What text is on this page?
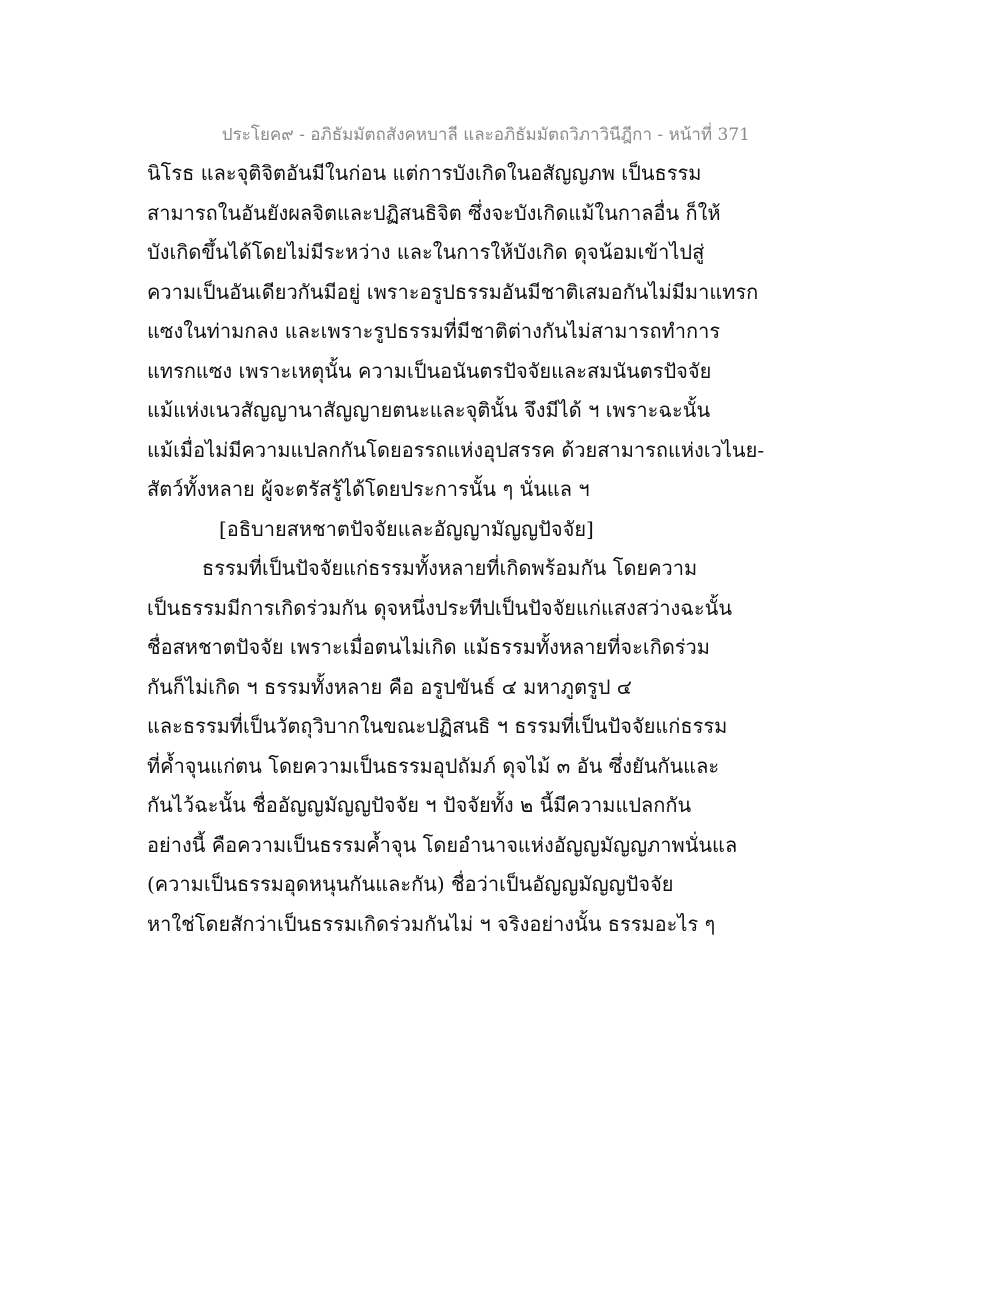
ประโยค๙ - อภิธัมมัตถสังคหบาลี และอภิธัมมัตถวิภาวินีฎีกา - หน้าที่ 371
นิโรธ และจุติจิตอันมีในก่อน แต่การบังเกิดในอสัญญภพ เป็นธรรม
สามารถในอันยังผลจิตและปฏิสนธิจิต ซึ่งจะบังเกิดแม้ในกาลอื่น ก็ให้
บังเกิดขึ้นได้โดยไม่มีระหว่าง และในการให้บังเกิด ดุจน้อมเข้าไปสู่
ความเป็นอันเดียวกันมีอยู่ เพราะอรูปธรรมอันมีชาติเสมอกันไม่มีมาแทรก
แซงในท่ามกลง และเพราะรูปธรรมที่มีชาติต่างกันไม่สามารถทำการ
แทรกแซง เพราะเหตุนั้น ความเป็นอนันตรปัจจัยและสมนันตรปัจจัย
แม้แห่งเนวสัญญานาสัญญายตนะและจุตินั้น จึงมีได้ ฯ เพราะฉะนั้น
แม้เมื่อไม่มีความแปลกกันโดยอรรถแห่งอุปสรรค ด้วยสามารถแห่งเวไนย-
สัตว์ทั้งหลาย ผู้จะตรัสรู้ได้โดยประการนั้น ๆ นั่นแล ฯ
[อธิบายสหชาตปัจจัยและอัญญามัญญปัจจัย]
ธรรมที่เป็นปัจจัยแก่ธรรมทั้งหลายที่เกิดพร้อมกัน โดยความ
เป็นธรรมมีการเกิดร่วมกัน ดุจหนึ่งประทีปเป็นปัจจัยแก่แสงสว่างฉะนั้น
ชื่อสหชาตปัจจัย เพราะเมื่อตนไม่เกิด แม้ธรรมทั้งหลายที่จะเกิดร่วม
กันก็ไม่เกิด ฯ ธรรมทั้งหลาย คือ อรูปขันธ์ ๔ มหาภูตรูป ๔
และธรรมที่เป็นวัตถุวิบากในขณะปฏิสนธิ ฯ ธรรมที่เป็นปัจจัยแก่ธรรม
ที่ค้ำจุนแก่ตน โดยความเป็นธรรมอุปถัมภ์ ดุจไม้ ๓ อัน ซึ่งยันกันและ
กันไว้ฉะนั้น ชื่ออัญญมัญญปัจจัย ฯ ปัจจัยทั้ง ๒ นี้มีความแปลกกัน
อย่างนี้ คือความเป็นธรรมค้ำจุน โดยอำนาจแห่งอัญญมัญญภาพนั่นแล
(ความเป็นธรรมอุดหนุนกันและกัน) ชื่อว่าเป็นอัญญมัญญปัจจัย
หาใช่โดยสักว่าเป็นธรรมเกิดร่วมกันไม่ ฯ จริงอย่างนั้น ธรรมอะไร ๆ
